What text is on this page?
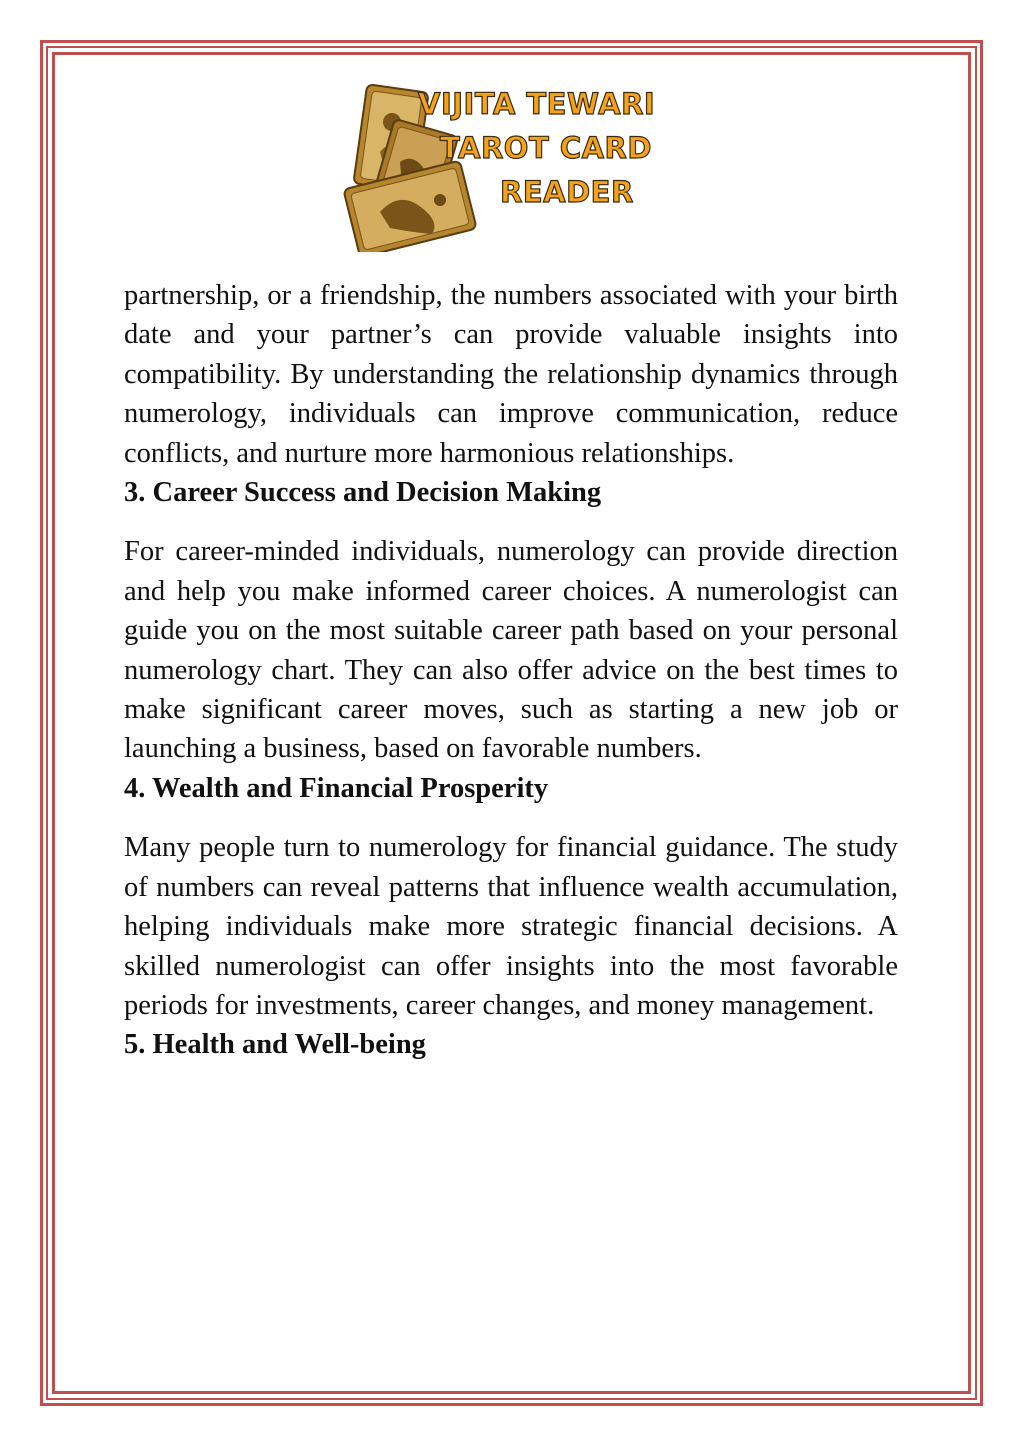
VIJITA TEWARI
TAROT CARD
READER

partnership, or a friendship, the numbers associated with your birth date and your partner’s can provide valuable insights into compatibility. By understanding the relationship dynamics through numerology, individuals can improve communication, reduce conflicts, and nurture more harmonious relationships.

3. Career Success and Decision Making

For career-minded individuals, numerology can provide direction and help you make informed career choices. A numerologist can guide you on the most suitable career path based on your personal numerology chart. They can also offer advice on the best times to make significant career moves, such as starting a new job or launching a business, based on favorable numbers.

4. Wealth and Financial Prosperity

Many people turn to numerology for financial guidance. The study of numbers can reveal patterns that influence wealth accumulation, helping individuals make more strategic financial decisions. A skilled numerologist can offer insights into the most favorable periods for investments, career changes, and money management.

5. Health and Well-being
